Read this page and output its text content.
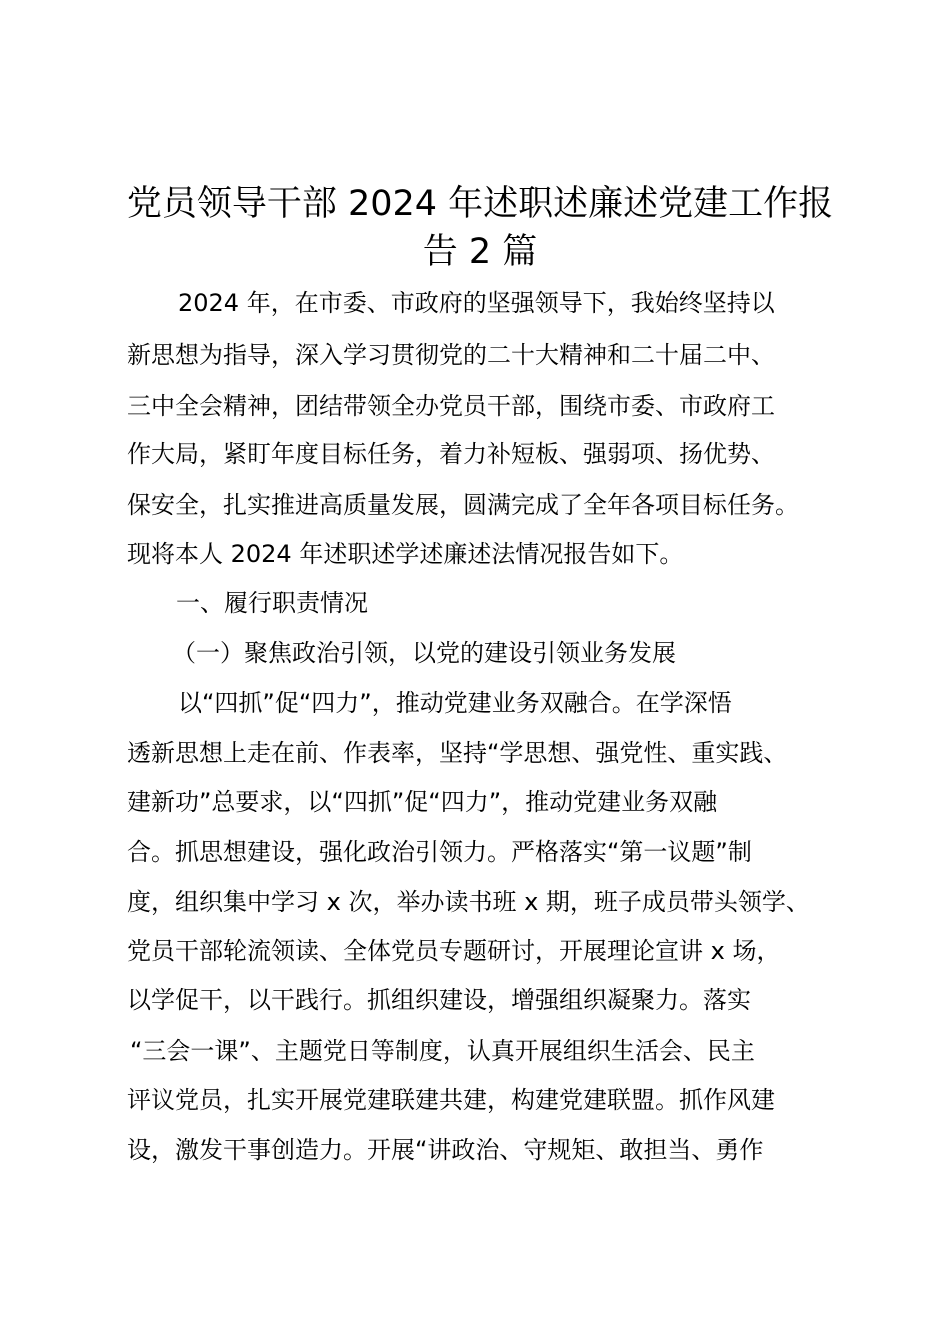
党员领导干部 2024 年述职述廉述党建工作报
告 2 篇

2024 年，在市委、市政府的坚强领导下，我始终坚持以

新思想为指导，深入学习贯彻党的二十大精神和二十届二中、

三中全会精神，团结带领全办党员干部，围绕市委、市政府工

作大局，紧盯年度目标任务，着力补短板、强弱项、扬优势、

保安全，扎实推进高质量发展，圆满完成了全年各项目标任务。

现将本人 2024 年述职述学述廉述法情况报告如下。

一、履行职责情况

（一）聚焦政治引领，以党的建设引领业务发展

以“四抓”促“四力”，推动党建业务双融合。在学深悟

透新思想上走在前、作表率，坚持“学思想、强党性、重实践、

建新功”总要求，以“四抓”促“四力”，推动党建业务双融

合。抓思想建设，强化政治引领力。严格落实“第一议题”制

度，组织集中学习 x 次，举办读书班 x 期，班子成员带头领学、

党员干部轮流领读、全体党员专题研讨，开展理论宣讲 x 场，

以学促干，以干践行。抓组织建设，增强组织凝聚力。落实

“三会一课”、主题党日等制度，认真开展组织生活会、民主

评议党员，扎实开展党建联建共建，构建党建联盟。抓作风建

设，激发干事创造力。开展“讲政治、守规矩、敢担当、勇作
